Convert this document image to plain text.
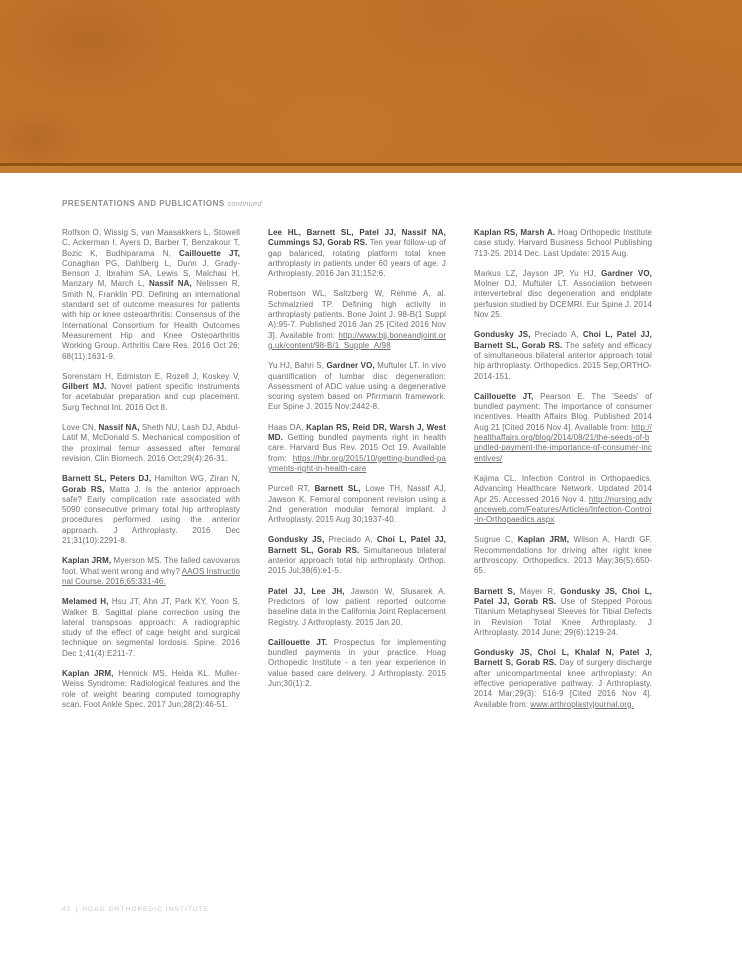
PRESENTATIONS AND PUBLICATIONS continued

Rolfson O, Wissig S, van Maasakkers L, Stowell C, Ackerman I, Ayers D, Barber T, Benzakour T, Bozic K, Budhiparama N, Caillouette JT, Conaghan PG, Dahlberg L, Dunn J, Grady-Benson J, Ibrahim SA, Lewis S, Malchau H, Manzary M, March L, Nassif NA, Nelissen R, Smith N, Franklin PD. Defining an international standard set of outcome measures for patients with hip or knee osteoarthritis: Consensus of the International Consortium for Health Outcomes Measurement Hip and Knee Osteoarthritis Working Group. Arthritis Care Res. 2016 Oct 26; 68(11):1631-9.

Sorenstam H, Edmiston E, Rozell J, Koskey V, Gilbert MJ. Novel patient specific instruments for acetabular preparation and cup placement. Surg Technol Int. 2016 Oct 8.

Love CN, Nassif NA, Sheth NU, Lash DJ, Abdul-Latif M, McDonald S. Mechanical composition of the proximal femur assessed after femoral revision. Clin Biomech. 2016 Oct;29(4):26-31.

Barnett SL, Peters DJ, Hamilton WG, Ziran N, Gorab RS, Matta J. Is the anterior approach safe? Early complication rate associated with 5090 consecutive primary total hip arthroplasty procedures performed using the anterior approach. J Arthroplasty. 2016 Dec 21;31(10):2291-8.

Kaplan JRM, Myerson MS. The failed cavovarus foot. What went wrong and why? AAOS Instructional Course. 2016;65:331-46.

Melamed H, Hsu JT, Ahn JT, Park KY, Yoon S, Walker B. Sagittal plane correction using the lateral transpsoas approach: A radiographic study of the effect of cage height and surgical technique on segmental lordosis. Spine. 2016 Dec 1;41(4):E211-7.

Kaplan JRM, Hennick MS, Heida KL. Muller-Weiss Syndrome: Radiological features and the role of weight bearing computed tomography scan. Foot Ankle Spec. 2017 Jun;28(2):46-51.

Lee HL, Barnett SL, Patel JJ, Nassif NA, Cummings SJ, Gorab RS. Ten year follow-up of gap balanced, rotating platform total knee arthroplasty in patients under 60 years of age. J Arthroplasty. 2016 Jan 31;152:6.

Robertson WL, Saltzberg W, Rehme A, al. Schmalzried TP. Defining high activity in arthroplasty patients. Bone Joint J. 98-B(1 Suppl A):95-7. Published 2016 Jan 25 [Cited 2016 Nov 3]. Available from: http://www.bjj.boneandjoint.org.uk/content/98-B/1_Supple_A/98

Yu HJ, Bahri S, Gardner VO, Muftuler LT. In vivo quantification of lumbar disc degeneration: Assessment of ADC value using a degenerative scoring system based on Pfirrmann framework. Eur Spine J. 2015 Nov;2442-8.

Haas DA, Kaplan RS, Reid DR, Warsh J, West MD. Getting bundled payments right in health care. Harvard Bus Rev. 2015 Oct 19. Available from: https://hbr.org/2015/10/getting-bundled-payments-right-in-health-care

Purcell RT, Barnett SL, Lowe TH, Nassif AJ, Jawson K. Femoral component revision using a 2nd generation modular femoral implant. J Arthroplasty. 2015 Aug 30;1937-40.

Gondusky JS, Preciado A, Choi L, Patel JJ, Barnett SL, Gorab RS. Simultaneous bilateral anterior approach total hip arthroplasty. Orthop. 2015 Jul;38(6):e1-5.

Patel JJ, Lee JH, Jawson W, Slusarek A. Predictors of low patient reported outcome baseline data in the California Joint Replacement Registry. J Arthroplasty. 2015 Jan 20.

Caillouette JT. Prospectus for implementing bundled payments in your practice. Hoag Orthopedic Institute - a ten year experience in value based care delivery. J Arthroplasty. 2015 Jun;30(1):2.

Kaplan RS, Marsh A. Hoag Orthopedic Institute case study. Harvard Business School Publishing 713-25. 2014 Dec. Last Update: 2015 Aug.

Markus LZ, Jayson JP, Yu HJ, Gardner VO, Molner DJ, Muftuler LT. Association between intervertebral disc degeneration and endplate perfusion studied by DCEMRI. Eur Spine J. 2014 Nov 25.

Gondusky JS, Preciado A, Choi L, Patel JJ, Barnett SL, Gorab RS. The safety and efficacy of simultaneous bilateral anterior approach total hip arthroplasty. Orthopedics. 2015 Sep;ORTHO-2014-151.

Caillouette JT, Pearson E. The 'Seeds' of bundled payment: The importance of consumer incentives. Health Affairs Blog. Published 2014 Aug 21 [Cited 2016 Nov 4]. Available from: http://healthaffairs.org/blog/2014/08/21/the-seeds-of-bundled-payment-the-importance-of-consumer-incentives/

Kajima CL. Infection Control in Orthopaedics. Advancing Healthcare Network. Updated 2014 Apr 25. Accessed 2016 Nov 4. http://nursing.advanceweb.com/Features/Articles/Infection-Control-in-Orthopaedics.aspx

Sugrue C, Kaplan JRM, Wilson A, Hardt GF. Recommendations for driving after right knee arthroscopy. Orthopedics. 2013 May;36(5):650-65.

Barnett S, Mayer R, Gondusky JS, Choi L, Patel JJ, Gorab RS. Use of Stepped Porous Titanium Metaphyseal Sleeves for Tibial Defects in Revision Total Knee Arthroplasty. J Arthroplasty. 2014 June; 29(6):1219-24.

Gondusky JS, Choi L, Khalaf N, Patel J, Barnett S, Gorab RS. Day of surgery discharge after unicompartmental knee arthroplasty: An effective perioperative pathway. J Arthroplasty. 2014 Mar;29(3): 516-9 [Cited 2016 Nov 4]. Available from: www.arthroplastyjournal.org.

42 | HOAG ORTHOPEDIC INSTITUTE
